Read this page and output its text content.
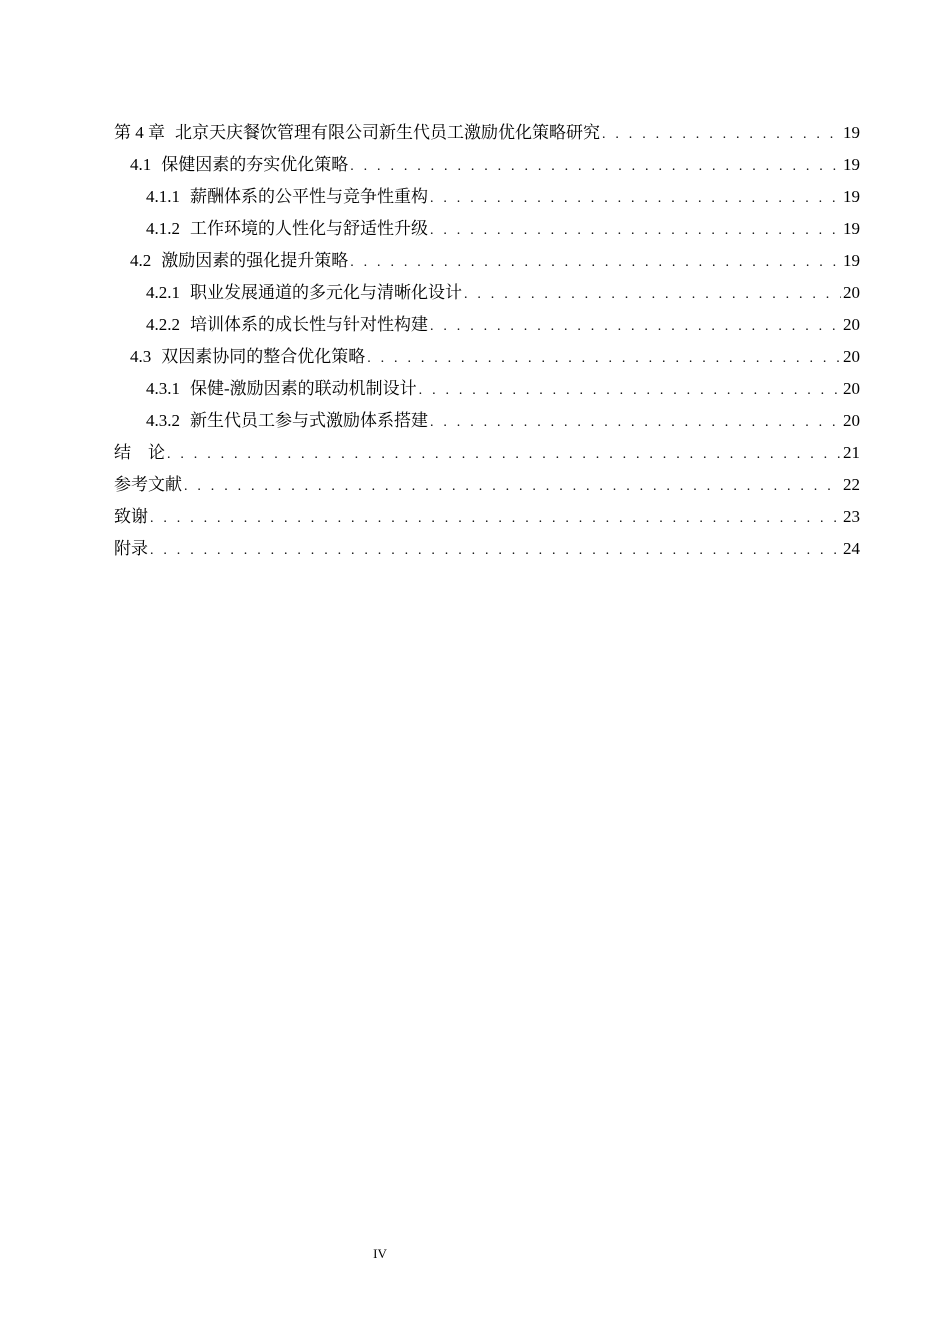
第 4 章 北京天庆餐饮管理有限公司新生代员工激励优化策略研究 . . .	19
4.1 保健因素的夯实优化策略 . . .	19
4.1.1 薪酬体系的公平性与竞争性重构 . . .	19
4.1.2 工作环境的人性化与舒适性升级 . . .	19
4.2 激励因素的强化提升策略 . . .	19
4.2.1 职业发展通道的多元化与清晰化设计 . . .	20
4.2.2 培训体系的成长性与针对性构建 . . .	20
4.3 双因素协同的整合优化策略 . . .	20
4.3.1 保健-激励因素的联动机制设计 . . .	20
4.3.2 新生代员工参与式激励体系搭建 . . .	20
结　论 . . .	21
参考文献 . . .	22
致谢 . . .	23
附录 . . .	24
IV
